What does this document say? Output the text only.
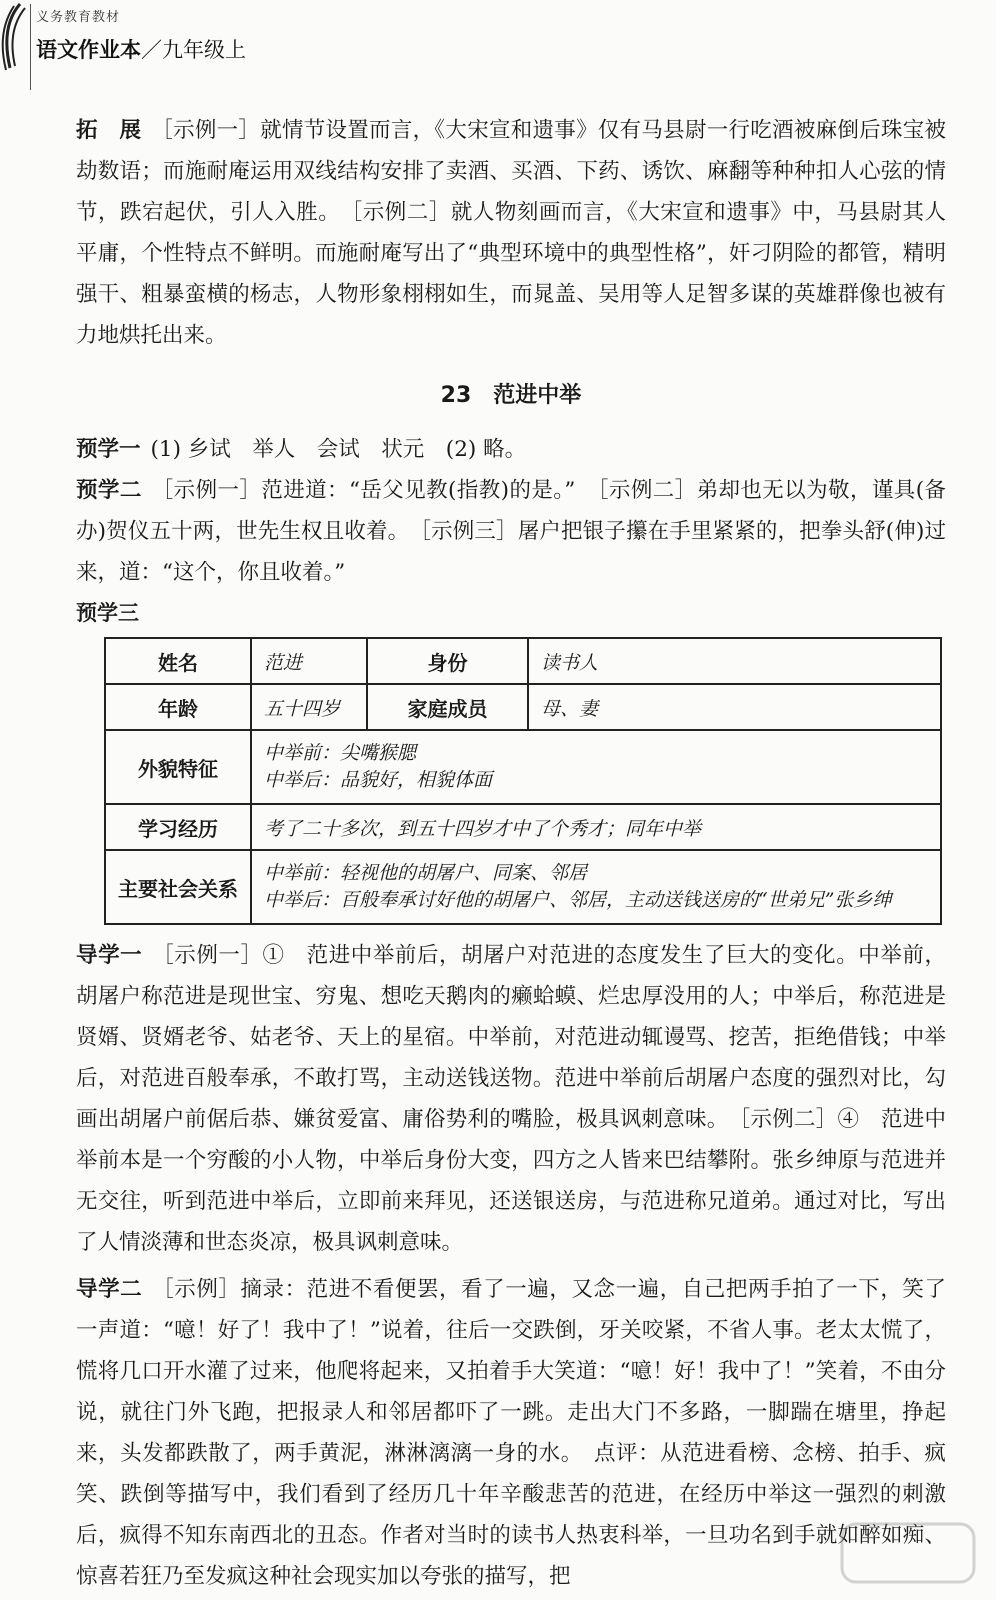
义务教育教材
语文作业本／九年级上

拓　展 ［示例一］就情节设置而言，《大宋宣和遗事》仅有马县尉一行吃酒被麻倒后珠宝被劫数语；而施耐庵运用双线结构安排了卖酒、买酒、下药、诱饮、麻翻等种种扣人心弦的情节，跌宕起伏，引人入胜。　［示例二］就人物刻画而言，《大宋宣和遗事》中，马县尉其人平庸，个性特点不鲜明。而施耐庵写出了“典型环境中的典型性格”，奸刁阴险的都管，精明强干、粗暴蛮横的杨志，人物形象栩栩如生，而晁盖、吴用等人足智多谋的英雄群像也被有力地烘托出来。

23 范进中举

预学一 (1) 乡试　举人　会试　状元　(2) 略。

预学二 ［示例一］范进道：“岳父见教(指教)的是。”　［示例二］弟却也无以为敬，谨具(备办)贺仪五十两，世先生权且收着。　［示例三］屠户把银子攥在手里紧紧的，把拳头舒(伸)过来，道：“这个，你且收着。”

预学三
姓名	范进	身份	读书人
年龄	五十四岁	家庭成员	母、妻
外貌特征	中举前：尖嘴猴腮
中举后：品貌好，相貌体面		

学习经历	考了二十多次，到五十四岁才中了个秀才；同年中举		
主要社会关系	中举前：轻视他的胡屠户、同案、邻居
中举后：百般奉承讨好他的胡屠户、邻居，主动送钱送房的“世弟兄”张乡绅		

导学一 ［示例一］①　范进中举前后，胡屠户对范进的态度发生了巨大的变化。中举前，胡屠户称范进是现世宝、穷鬼、想吃天鹅肉的癞蛤蟆、烂忠厚没用的人；中举后，称范进是贤婿、贤婿老爷、姑老爷、天上的星宿。中举前，对范进动辄谩骂、挖苦，拒绝借钱；中举后，对范进百般奉承，不敢打骂，主动送钱送物。范进中举前后胡屠户态度的强烈对比，勾画出胡屠户前倨后恭、嫌贫爱富、庸俗势利的嘴脸，极具讽刺意味。　［示例二］④　范进中举前本是一个穷酸的小人物，中举后身份大变，四方之人皆来巴结攀附。张乡绅原与范进并无交往，听到范进中举后，立即前来拜见，还送银送房，与范进称兄道弟。通过对比，写出了人情淡薄和世态炎凉，极具讽刺意味。

导学二 ［示例］摘录：范进不看便罢，看了一遍，又念一遍，自己把两手拍了一下，笑了一声道：“噫！好了！我中了！”说着，往后一交跌倒，牙关咬紧，不省人事。老太太慌了，慌将几口开水灌了过来，他爬将起来，又拍着手大笑道：“噫！好！我中了！”笑着，不由分说，就往门外飞跑，把报录人和邻居都吓了一跳。走出大门不多路，一脚踹在塘里，挣起来，头发都跌散了，两手黄泥，淋淋漓漓一身的水。　点评：从范进看榜、念榜、拍手、疯笑、跌倒等描写中，我们看到了经历几十年辛酸悲苦的范进，在经历中举这一强烈的刺激后，疯得不知东南西北的丑态。作者对当时的读书人热衷科举，一旦功名到手就如醉如痴、惊喜若狂乃至发疯这种社会现实加以夸张的描写，把
